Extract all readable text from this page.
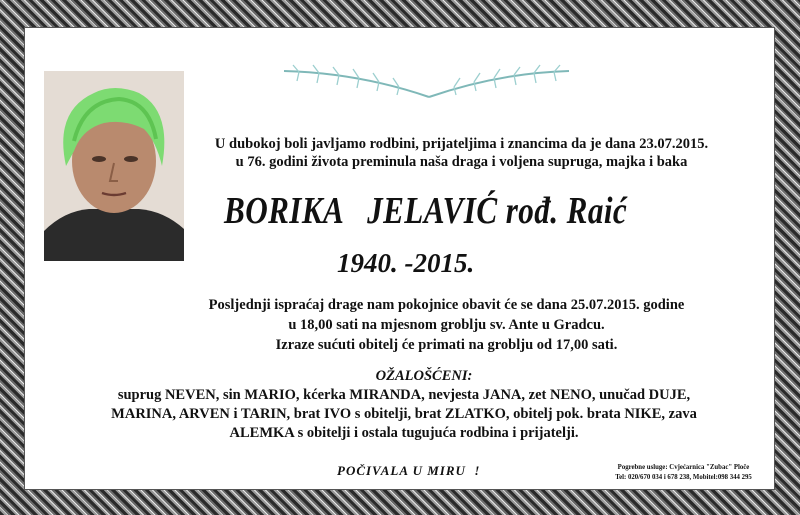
U dubokoj boli javljamo rodbini, prijateljima i znancima da je dana 23.07.2015.
u 76. godini života preminula naša draga i voljena supruga, majka i baka
BORIKA   JELAVIĆ rođ. Raić
1940. -2015.
Posljednji ispraćaj drage nam pokojnice obavit će se dana 25.07.2015. godine
u 18,00 sati na mjesnom groblju sv. Ante u Gradcu.
Izraze sućuti obitelj će primati na groblju od 17,00 sati.
OŽALOŠĆENI:
suprug NEVEN, sin MARIO, kćerka MIRANDA, nevjesta JANA, zet NENO, unučad DUJE,
MARINA, ARVEN i TARIN, brat IVO s obitelji, brat ZLATKO, obitelj pok. brata NIKE, zava
ALEMKA s obitelji i ostala tugujuća rodbina i prijatelji.
POČIVALA U MIRU  !	Pogrebne usluge: Cvjećarnica "Zubac" Ploče
Tel: 020/670 034 i 678 238, Mobitel:098 344 295
